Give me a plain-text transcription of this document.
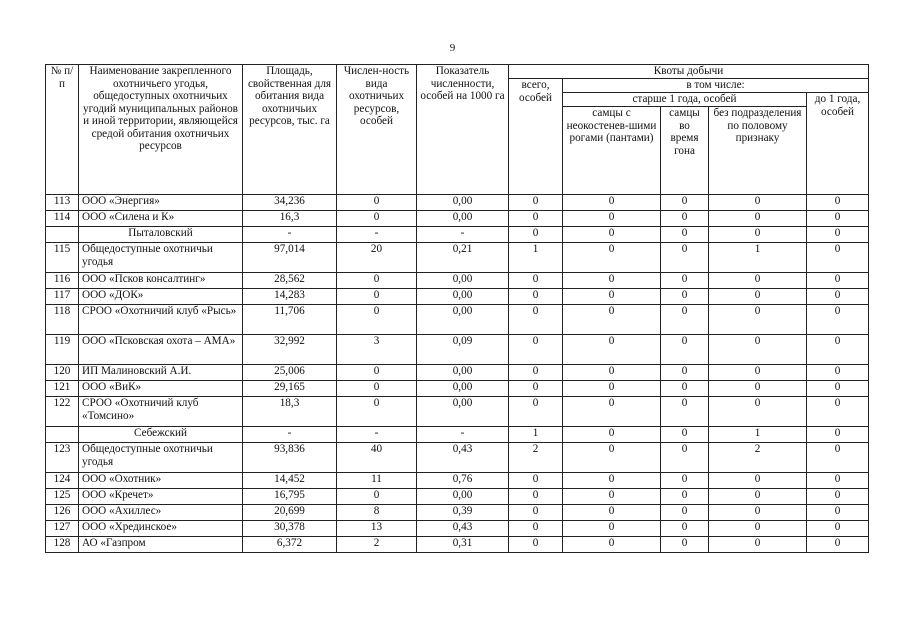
9
№ п/п	Наименование закрепленного охотничьего угодья, общедоступных охотничьих угодий муниципальных районов и иной территории, являющейся средой обитания охотничьих ресурсов	Площадь, свойственная для обитания вида охотничьих ресурсов, тыс. га	Числен-ность вида охотничьих ресурсов, особей	Показатель численности, особей на 1000 га	Квоты добычи				
					всего, особей	в том числе:			
						старше 1 года, особей			до 1 года, особей
						самцы с неокостенев-шими рогами (пантами)	самцы во время гона	без подразделения по половому признаку	
113	ООО «Энергия»	34,236	0	0,00	0	0	0	0	0
114	ООО «Силена и К»	16,3	0	0,00	0	0	0	0	0
	Пыталовский	-	-	-	0	0	0	0	0
115	Общедоступные охотничьи угодья	97,014	20	0,21	1	0	0	1	0
116	ООО «Псков консалтинг»	28,562	0	0,00	0	0	0	0	0
117	ООО «ДОК»	14,283	0	0,00	0	0	0	0	0
118	СРОО «Охотничий клуб «Рысь»	11,706	0	0,00	0	0	0	0	0
119	ООО «Псковская охота – АМА»	32,992	3	0,09	0	0	0	0	0
120	ИП Малиновский А.И.	25,006	0	0,00	0	0	0	0	0
121	ООО «ВиК»	29,165	0	0,00	0	0	0	0	0
122	СРОО «Охотничий клуб «Томсино»	18,3	0	0,00	0	0	0	0	0
	Себежский	-	-	-	1	0	0	1	0
123	Общедоступные охотничьи угодья	93,836	40	0,43	2	0	0	2	0
124	ООО «Охотник»	14,452	11	0,76	0	0	0	0	0
125	ООО «Кречет»	16,795	0	0,00	0	0	0	0	0
126	ООО «Ахиллес»	20,699	8	0,39	0	0	0	0	0
127	ООО «Хрединское»	30,378	13	0,43	0	0	0	0	0
128	АО «Газпром	6,372	2	0,31	0	0	0	0	0
